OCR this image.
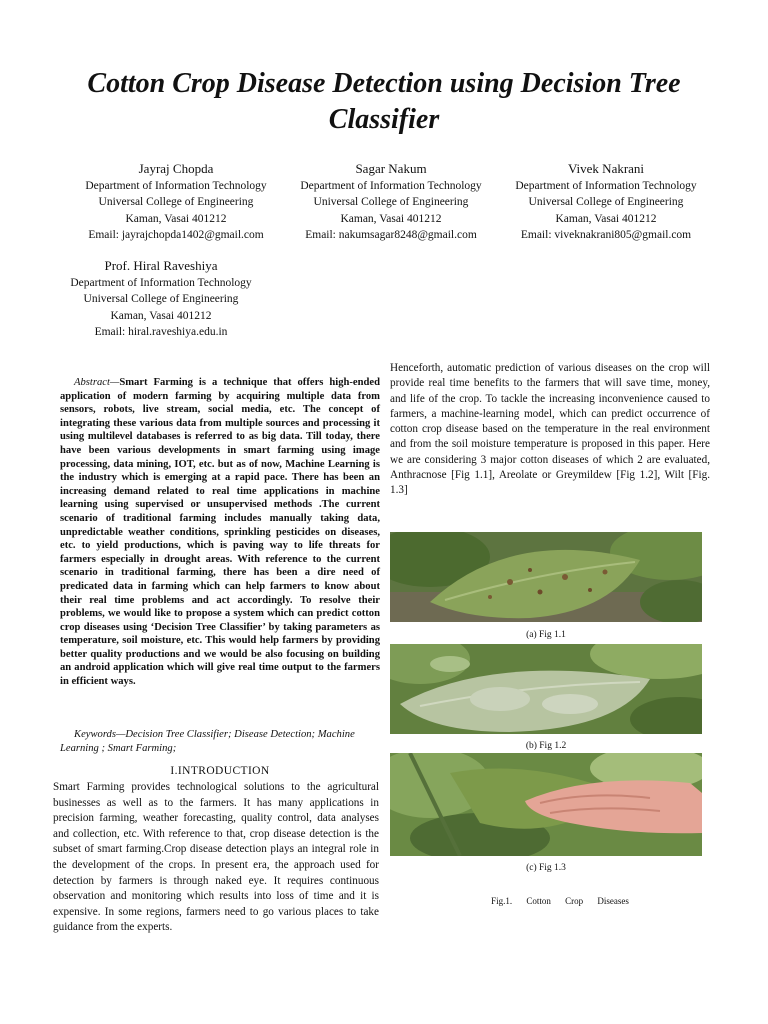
Cotton Crop Disease Detection using Decision Tree Classifier
Jayraj Chopda
Department of Information Technology
Universal College of Engineering
Kaman, Vasai 401212
Email: jayrajchopda1402@gmail.com
Sagar Nakum
Department of Information Technology
Universal College of Engineering
Kaman, Vasai 401212
Email: nakumsagar8248@gmail.com
Vivek Nakrani
Department of Information Technology
Universal College of Engineering
Kaman, Vasai 401212
Email: viveknakrani805@gmail.com
Prof. Hiral Raveshiya
Department of Information Technology
Universal College of Engineering
Kaman, Vasai 401212
Email: hiral.raveshiya.edu.in

Abstract—Smart Farming is a technique that offers high-ended application of modern farming by acquiring multiple data from sensors, robots, live stream, social media, etc. The concept of integrating these various data from multiple sources and processing it using multilevel databases is referred to as big data. Till today, there have been various developments in smart farming using image processing, data mining, IOT, etc. but as of now, Machine Learning is the industry which is emerging at a rapid pace. There has been an increasing demand related to real time applications in machine learning using supervised or unsupervised methods .The current scenario of traditional farming includes manually taking data, unpredictable weather conditions, sprinkling pesticides on diseases, etc. to yield productions, which is paving way to life threats for farmers especially in drought areas. With reference to the current scenario in traditional farming, there has been a dire need of predicated data in farming which can help farmers to know about their real time problems and act accordingly. To resolve their problems, we would like to propose a system which can predict cotton crop diseases using ‘Decision Tree Classifier’ by taking parameters as temperature, soil moisture, etc. This would help farmers by providing better quality productions and we would be also focusing on building an android application which will give real time output to the farmers in efficient ways.

Keywords—Decision Tree Classifier; Disease Detection; Machine Learning ; Smart Farming;

I.INTRODUCTION

Smart Farming provides technological solutions to the agricultural businesses as well as to the farmers. It has many applications in precision farming, weather forecasting, quality control, data analyses and collection, etc. With reference to that, crop disease detection is the subset of smart farming.Crop disease detection plays an integral role in the development of the crops. In present era, the approach used for detection by farmers is through naked eye. It requires continuous observation and monitoring which results into loss of time and it is expensive. In some regions, farmers need to go various places to take guidance from the experts.

Henceforth, automatic prediction of various diseases on the crop will provide real time benefits to the farmers that will save time, money, and life of the crop. To tackle the increasing inconvenience caused to farmers, a machine-learning model, which can predict occurrence of cotton crop disease based on the temperature in the real environment and from the soil moisture temperature is proposed in this paper. Here we are considering 3 major cotton diseases of which 2 are evaluated, Anthracnose [Fig 1.1], Areolate or Greymildew [Fig 1.2], Wilt [Fig. 1.3]

(a) Fig 1.1
(b) Fig 1.2
(c) Fig 1.3
Fig.1. Cotton Crop Diseases
